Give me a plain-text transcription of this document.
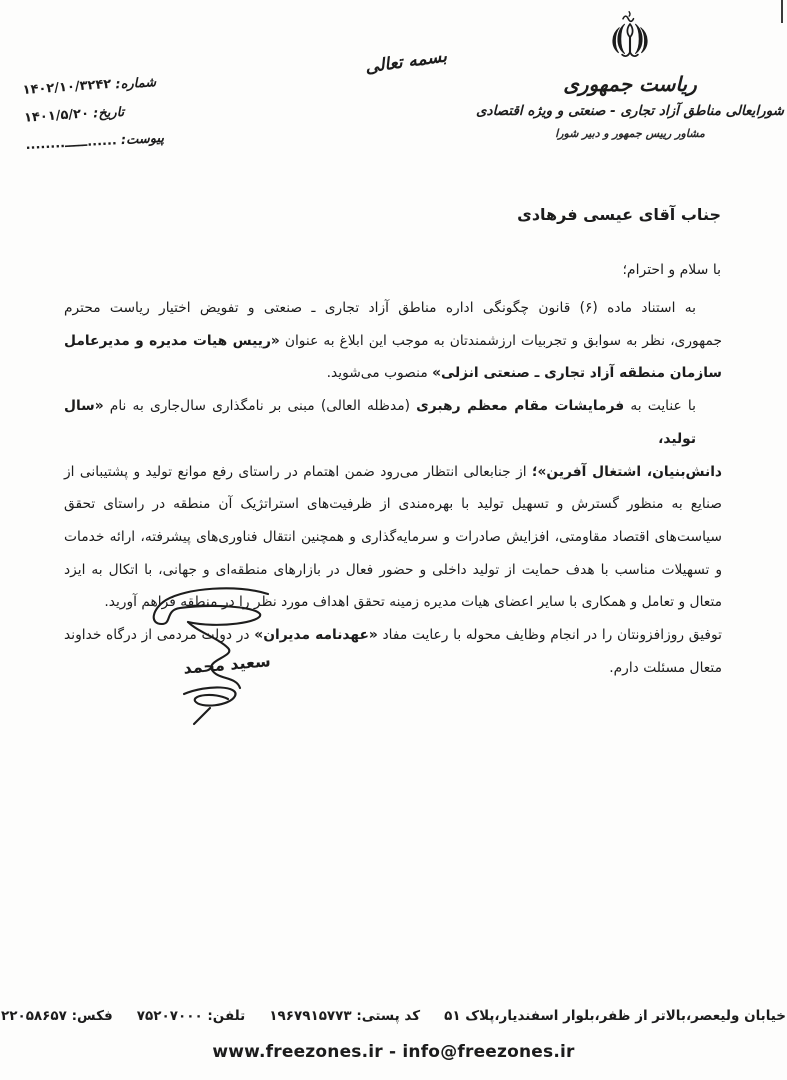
ریاست جمهوری
شورایعالی مناطق آزاد تجاری - صنعتی و ویژه اقتصادی
مشاور رییس جمهور و دبیر شورا
بسمه تعالی
شماره: ۱۴۰۲/۱۰/۳۲۴۲
تاریخ: ۱۴۰۱/۵/۲۰
پیوست: ......ـــــ........
جناب آقای عیسی فرهادی
با سلام و احترام؛
به استناد ماده (۶) قانون چگونگی اداره مناطق آزاد تجاری ـ صنعتی و تفویض اختیار ریاست محترم
جمهوری، نظر به سوابق و تجربیات ارزشمندتان به موجب این ابلاغ به عنوان «رییس هیات مدیره و مدیرعامل
سازمان منطقه آزاد تجاری ـ صنعتی انزلی» منصوب می‌شوید.
با عنایت به فرمایشات مقام معظم رهبری (مدظله العالی) مبنی بر نامگذاری سال‌جاری به نام «سال تولید،
دانش‌بنیان، اشتغال آفرین»؛ از جنابعالی انتظار می‌رود ضمن اهتمام در راستای رفع موانع تولید و پشتیبانی از
صنایع به منظور گسترش و تسهیل تولید با بهره‌مندی از ظرفیت‌های استراتژیک آن منطقه در راستای تحقق
سیاست‌های اقتصاد مقاومتی، افزایش صادرات و سرمایه‌گذاری و همچنین انتقال فناوری‌های پیشرفته، ارائه خدمات
و تسهیلات مناسب با هدف حمایت از تولید داخلی و حضور فعال در بازارهای منطقه‌ای و جهانی، با اتکال به ایزد
متعال و تعامل و همکاری با سایر اعضای هیات مدیره زمینه تحقق اهداف مورد نظر را در منطقه فراهم آورید.
توفیق روزافزونتان را در انجام وظایف محوله با رعایت مفاد «عهدنامه مدیران» در دولت مردمی از درگاه خداوند
متعال مسئلت دارم.
سعید محمد
خیابان ولیعصر،بالاتر از ظفر،بلوار اسفندیار،پلاک ۵۱
کد پستی: ۱۹۶۷۹۱۵۷۷۳
تلفن: ۷۵۲۰۷۰۰۰
فکس: ۲۲۰۵۸۶۵۷
www.freezones.ir - info@freezones.ir
